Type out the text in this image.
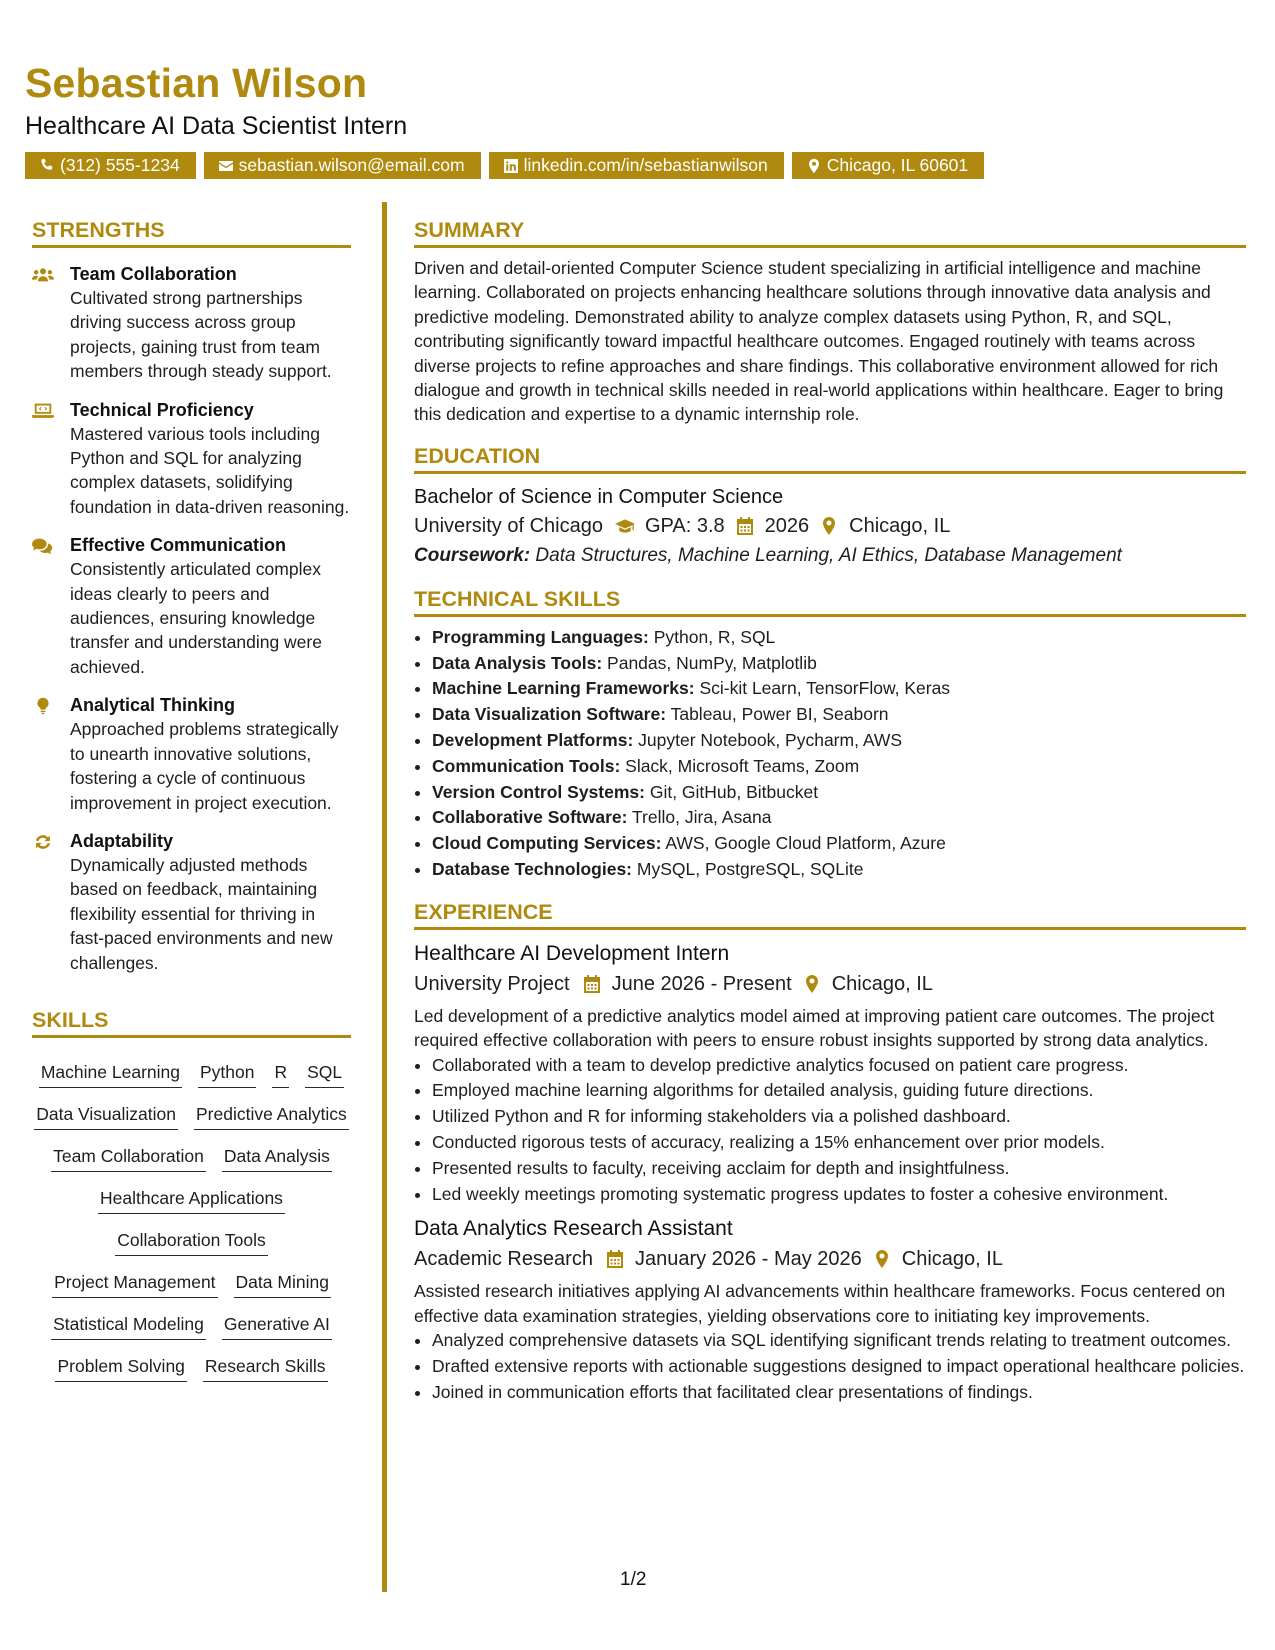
Sebastian Wilson
Healthcare AI Data Scientist Intern
(312) 555-1234	sebastian.wilson@email.com	linkedin.com/in/sebastianwilson	Chicago, IL 60601
STRENGTHS
Team Collaboration
Cultivated strong partnerships driving success across group projects, gaining trust from team members through steady support.
Technical Proficiency
Mastered various tools including Python and SQL for analyzing complex datasets, solidifying foundation in data-driven reasoning.
Effective Communication
Consistently articulated complex ideas clearly to peers and audiences, ensuring knowledge transfer and understanding were achieved.
Analytical Thinking
Approached problems strategically to unearth innovative solutions, fostering a cycle of continuous improvement in project execution.
Adaptability
Dynamically adjusted methods based on feedback, maintaining flexibility essential for thriving in fast-paced environments and new challenges.
SKILLS
Machine Learning Python R SQL
Data Visualization Predictive Analytics
Team Collaboration Data Analysis
Healthcare Applications
Collaboration Tools
Project Management Data Mining
Statistical Modeling Generative AI
Problem Solving Research Skills
SUMMARY
Driven and detail-oriented Computer Science student specializing in artificial intelligence and machine learning. Collaborated on projects enhancing healthcare solutions through innovative data analysis and predictive modeling. Demonstrated ability to analyze complex datasets using Python, R, and SQL, contributing significantly toward impactful healthcare outcomes. Engaged routinely with teams across diverse projects to refine approaches and share findings. This collaborative environment allowed for rich dialogue and growth in technical skills needed in real-world applications within healthcare. Eager to bring this dedication and expertise to a dynamic internship role.
EDUCATION
Bachelor of Science in Computer Science
University of Chicago GPA: 3.8 2026 Chicago, IL
Coursework: Data Structures, Machine Learning, AI Ethics, Database Management
TECHNICAL SKILLS
• Programming Languages: Python, R, SQL
• Data Analysis Tools: Pandas, NumPy, Matplotlib
• Machine Learning Frameworks: Sci-kit Learn, TensorFlow, Keras
• Data Visualization Software: Tableau, Power BI, Seaborn
• Development Platforms: Jupyter Notebook, Pycharm, AWS
• Communication Tools: Slack, Microsoft Teams, Zoom
• Version Control Systems: Git, GitHub, Bitbucket
• Collaborative Software: Trello, Jira, Asana
• Cloud Computing Services: AWS, Google Cloud Platform, Azure
• Database Technologies: MySQL, PostgreSQL, SQLite
EXPERIENCE
Healthcare AI Development Intern
University Project June 2026 - Present Chicago, IL
Led development of a predictive analytics model aimed at improving patient care outcomes. The project required effective collaboration with peers to ensure robust insights supported by strong data analytics.
• Collaborated with a team to develop predictive analytics focused on patient care progress.
• Employed machine learning algorithms for detailed analysis, guiding future directions.
• Utilized Python and R for informing stakeholders via a polished dashboard.
• Conducted rigorous tests of accuracy, realizing a 15% enhancement over prior models.
• Presented results to faculty, receiving acclaim for depth and insightfulness.
• Led weekly meetings promoting systematic progress updates to foster a cohesive environment.
Data Analytics Research Assistant
Academic Research January 2026 - May 2026 Chicago, IL
Assisted research initiatives applying AI advancements within healthcare frameworks. Focus centered on effective data examination strategies, yielding observations core to initiating key improvements.
• Analyzed comprehensive datasets via SQL identifying significant trends relating to treatment outcomes.
• Drafted extensive reports with actionable suggestions designed to impact operational healthcare policies.
• Joined in communication efforts that facilitated clear presentations of findings.
1/2
